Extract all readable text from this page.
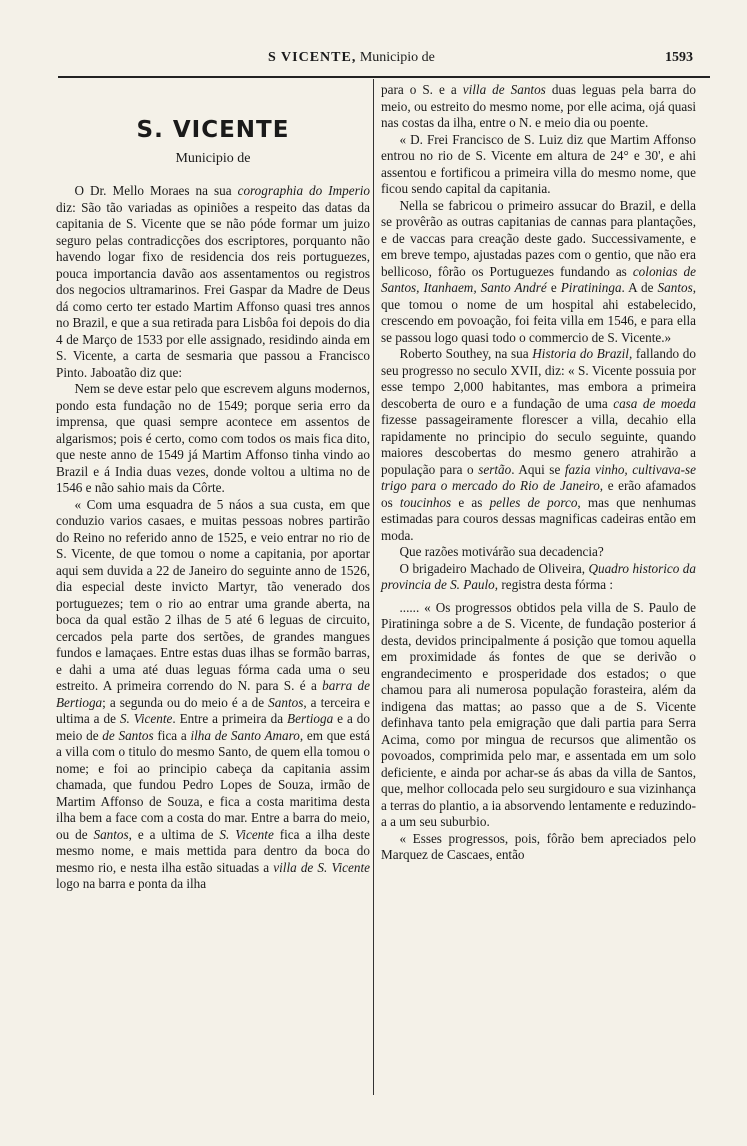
S VICENTE, Municipio de	1593
S. VICENTE
Municipio de

O Dr. Mello Moraes na sua corographia do Imperio diz: São tão variadas as opiniões a respeito das datas da capitania de S. Vicente que se não póde formar um juizo seguro pelas contradicções dos escriptores, porquanto não havendo logar fixo de residencia dos reis portuguezes, pouca importancia davão aos assentamentos ou registros dos negocios ultramarinos. Frei Gaspar da Madre de Deus dá como certo ter estado Martim Affonso quasi tres annos no Brazil, e que a sua retirada para Lisbôa foi depois do dia 4 de Março de 1533 por elle assignado, residindo ainda em S. Vicente, a carta de sesmaria que passou a Francisco Pinto. Jaboatão diz que:

Nem se deve estar pelo que escrevem alguns modernos, pondo esta fundação no de 1549; porque seria erro da imprensa, que quasi sempre acontece em assentos de algarismos; pois é certo, como com todos os mais fica dito, que neste anno de 1549 já Martim Affonso tinha vindo ao Brazil e á India duas vezes, donde voltou a ultima no de 1546 e não sahio mais da Côrte.

« Com uma esquadra de 5 náos a sua custa, em que conduzio varios casaes, e muitas pessoas nobres partirão do Reino no referido anno de 1525, e veio entrar no rio de S. Vicente, de que tomou o nome a capitania, por aportar aqui sem duvida a 22 de Janeiro do seguinte anno de 1526, dia especial deste invicto Martyr, tão venerado dos portuguezes; tem o rio ao entrar uma grande aberta, na boca da qual estão 2 ilhas de 5 até 6 leguas de circuito, cercados pela parte dos sertões, de grandes mangues fundos e lamaçaes. Entre estas duas ilhas se formão barras, e dahi a uma até duas leguas fórma cada uma o seu estreito. A primeira correndo do N. para S. é a barra de Bertioga; a segunda ou do meio é a de Santos, a terceira e ultima a de S. Vicente. Entre a primeira da Bertioga e a do meio de de Santos fica a ilha de Santo Amaro, em que está a villa com o titulo do mesmo Santo, de quem ella tomou o nome; e foi ao principio cabeça da capitania assim chamada, que fundou Pedro Lopes de Souza, irmão de Martim Affonso de Souza, e fica a costa maritima desta ilha bem a face com a costa do mar. Entre a barra do meio, ou de Santos, e a ultima de S. Vicente fica a ilha deste mesmo nome, e mais mettida para dentro da boca do mesmo rio, e nesta ilha estão situadas a villa de S. Vicente logo na barra e ponta da ilha

para o S. e a villa de Santos duas leguas pela barra do meio, ou estreito do mesmo nome, por elle acima, ojá quasi nas costas da ilha, entre o N. e meio dia ou poente.

« D. Frei Francisco de S. Luiz diz que Martim Affonso entrou no rio de S. Vicente em altura de 24° e 30', e ahi assentou e fortificou a primeira villa do mesmo nome, que ficou sendo capital da capitania.

Nella se fabricou o primeiro assucar do Brazil, e della se provêrão as outras capitanias de cannas para plantações, e de vaccas para creação deste gado. Successivamente, e em breve tempo, ajustadas pazes com o gentio, que não era bellicoso, fôrão os Portuguezes fundando as colonias de Santos, Itanhaem, Santo André e Piratininga. A de Santos, que tomou o nome de um hospital ahi estabelecido, crescendo em povoação, foi feita villa em 1546, e para ella se passou logo quasi todo o commercio de S. Vicente.»

Roberto Southey, na sua Historia do Brazil, fallando do seu progresso no seculo XVII, diz: « S. Vicente possuia por esse tempo 2,000 habitantes, mas embora a primeira descoberta de ouro e a fundação de uma casa de moeda fizesse passageiramente florescer a villa, decahio ella rapidamente no principio do seculo seguinte, quando maiores descobertas do mesmo genero atrahirão a população para o sertão. Aqui se fazia vinho, cultivava-se trigo para o mercado do Rio de Janeiro, e erão afamados os toucinhos e as pelles de porco, mas que nenhumas estimadas para couros dessas magnificas cadeiras então em moda.

Que razões motivárão sua decadencia?

O brigadeiro Machado de Oliveira, Quadro historico da provincia de S. Paulo, registra desta fórma :

...... « Os progressos obtidos pela villa de S. Paulo de Piratininga sobre a de S. Vicente, de fundação posterior á desta, devidos principalmente á posição que tomou aquella em proximidade ás fontes de que se derivão o engrandecimento e prosperidade dos estados; o que chamou para ali numerosa população forasteira, além da indigena das mattas; ao passo que a de S. Vicente definhava tanto pela emigração que dali partia para Serra Acima, como por mingua de recursos que alimentão os povoados, comprimida pelo mar, e assentada em um solo deficiente, e ainda por achar-se ás abas da villa de Santos, que, melhor collocada pelo seu surgidouro e sua vizinhança a terras do plantio, a ia absorvendo lentamente e reduzindo-a a um seu suburbio.

« Esses progressos, pois, fôrão bem apreciados pelo Marquez de Cascaes, então
